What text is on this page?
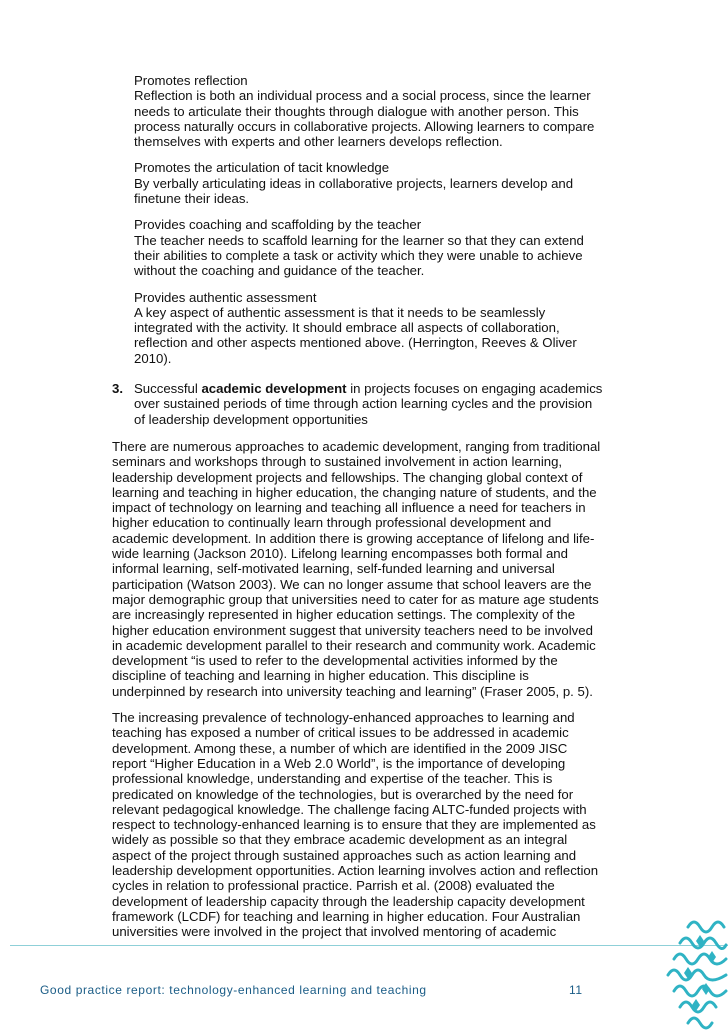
Promotes reflection
Reflection is both an individual process and a social process, since the learner
needs to articulate their thoughts through dialogue with another person. This
process naturally occurs in collaborative projects. Allowing learners to compare
themselves with experts and other learners develops reflection.
Promotes the articulation of tacit knowledge
By verbally articulating ideas in collaborative projects, learners develop and
finetune their ideas.
Provides coaching and scaffolding by the teacher
The teacher needs to scaffold learning for the learner so that they can extend
their abilities to complete a task or activity which they were unable to achieve
without the coaching and guidance of the teacher.
Provides authentic assessment
A key aspect of authentic assessment is that it needs to be seamlessly
integrated with the activity. It should embrace all aspects of collaboration,
reflection and other aspects mentioned above. (Herrington, Reeves & Oliver
2010).
3. Successful academic development in projects focuses on engaging academics
over sustained periods of time through action learning cycles and the provision
of leadership development opportunities

There are numerous approaches to academic development, ranging from traditional
seminars and workshops through to sustained involvement in action learning,
leadership development projects and fellowships. The changing global context of
learning and teaching in higher education, the changing nature of students, and the
impact of technology on learning and teaching all influence a need for teachers in
higher education to continually learn through professional development and
academic development. In addition there is growing acceptance of lifelong and life-
wide learning (Jackson 2010). Lifelong learning encompasses both formal and
informal learning, self-motivated learning, self-funded learning and universal
participation (Watson 2003). We can no longer assume that school leavers are the
major demographic group that universities need to cater for as mature age students
are increasingly represented in higher education settings. The complexity of the
higher education environment suggest that university teachers need to be involved
in academic development parallel to their research and community work. Academic
development “is used to refer to the developmental activities informed by the
discipline of teaching and learning in higher education. This discipline is
underpinned by research into university teaching and learning” (Fraser 2005, p. 5).

The increasing prevalence of technology-enhanced approaches to learning and
teaching has exposed a number of critical issues to be addressed in academic
development. Among these, a number of which are identified in the 2009 JISC
report “Higher Education in a Web 2.0 World”, is the importance of developing
professional knowledge, understanding and expertise of the teacher. This is
predicated on knowledge of the technologies, but is overarched by the need for
relevant pedagogical knowledge. The challenge facing ALTC-funded projects with
respect to technology-enhanced learning is to ensure that they are implemented as
widely as possible so that they embrace academic development as an integral
aspect of the project through sustained approaches such as action learning and
leadership development opportunities. Action learning involves action and reflection
cycles in relation to professional practice. Parrish et al. (2008) evaluated the
development of leadership capacity through the leadership capacity development
framework (LCDF) for teaching and learning in higher education. Four Australian
universities were involved in the project that involved mentoring of academic

Good practice report: technology-enhanced learning and teaching	11
